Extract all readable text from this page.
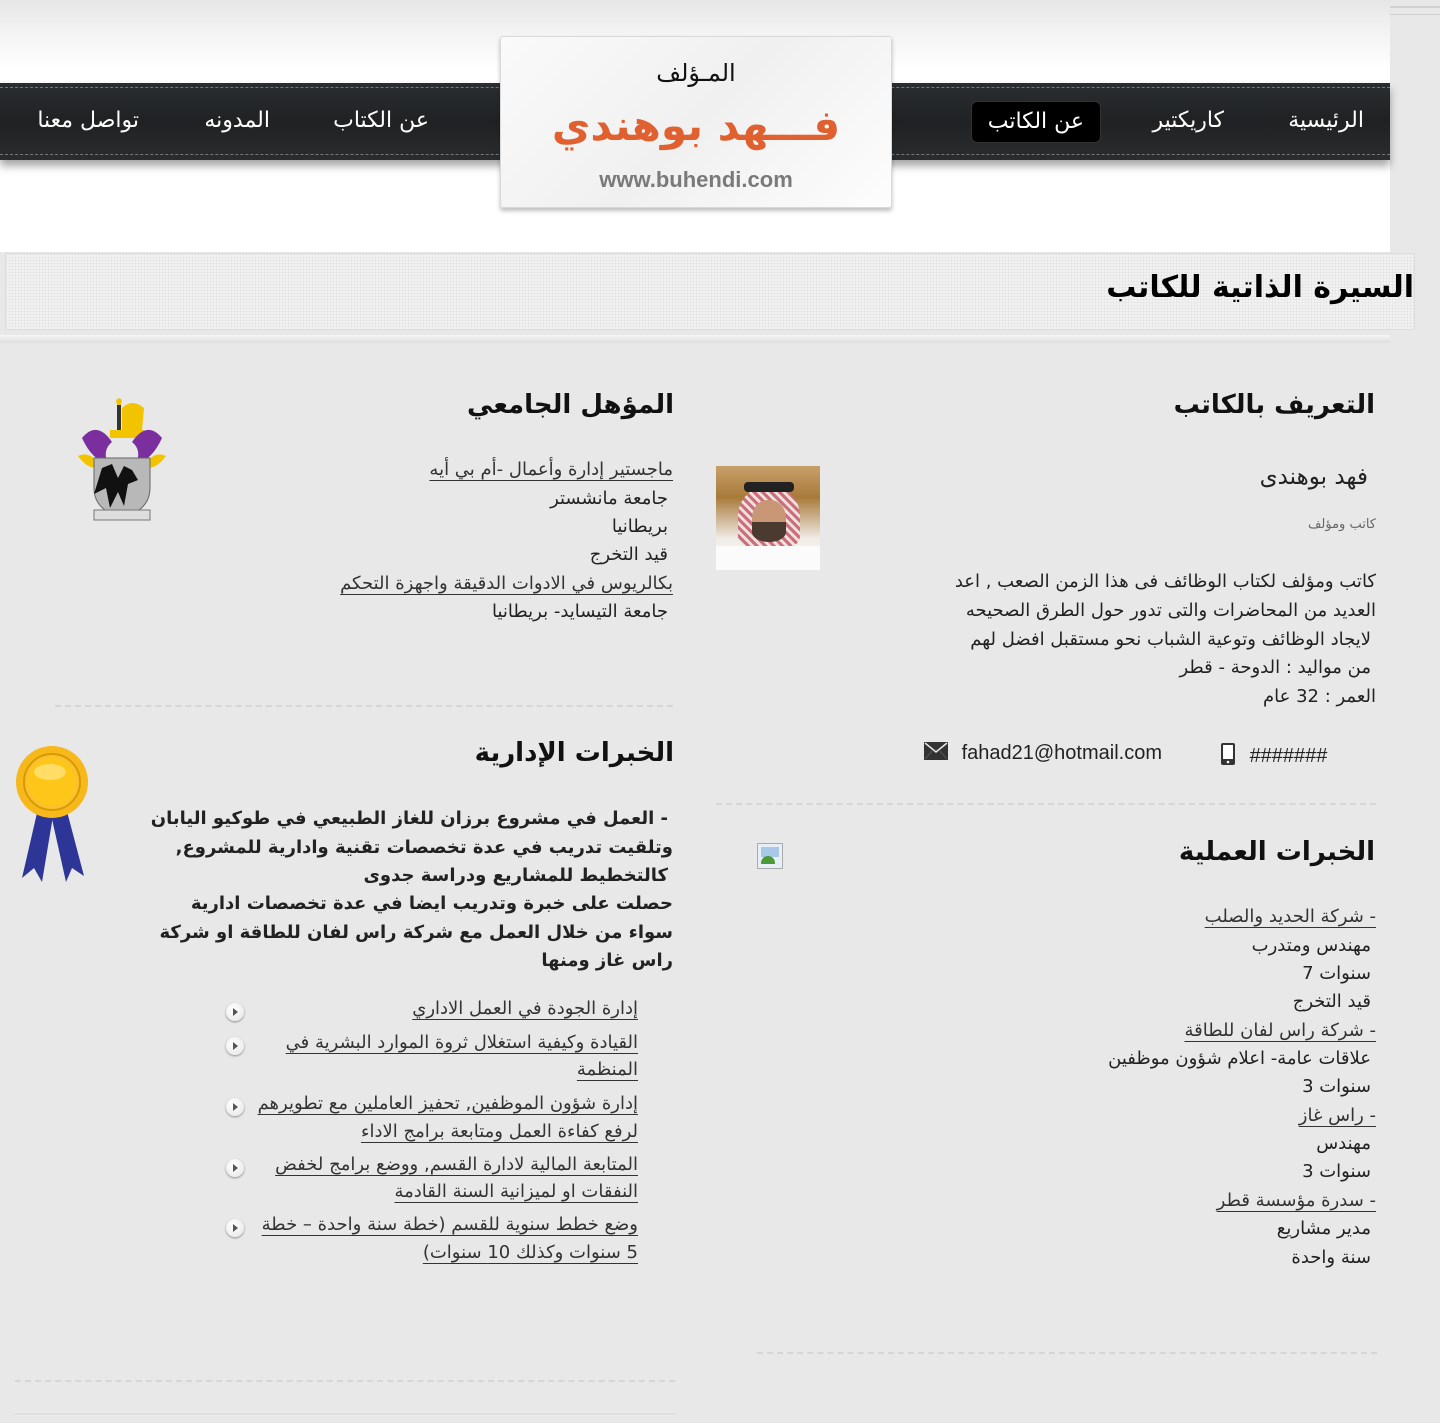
الرئيسية
كاريكتير
عن الكاتب
عن الكتاب
المدونه
تواصل معنا
المـؤلف
فـــهد بوهندي
www.buhendi.com
السيرة الذاتية للكاتب
التعريف بالكاتب
فهد بوهندى
كاتب ومؤلف
كاتب ومؤلف لكتاب الوظائف فى هذا الزمن الصعب , اعد
العديد من المحاضرات والتى تدور حول الطرق الصحيحه
لايجاد الوظائف وتوعية الشباب نحو مستقبل افضل لهم
من مواليد : الدوحة - قطر
العمر : 32 عام
#######
fahad21@hotmail.com
الخبرات العملية
- شركة الحديد والصلب
مهندس ومتدرب
سنوات 7
قيد التخرج
- شركة راس لفان للطاقة
علاقات عامة- اعلام شؤون موظفين
سنوات 3
- راس غاز
مهندس
سنوات 3
- سدرة مؤسسة قطر
مدير مشاريع
سنة واحدة
المؤهل الجامعي
ماجستير إدارة وأعمال -أم بي أيه
جامعة مانشستر
بريطانيا
قيد التخرج
بكالريوس في الادوات الدقيقة واجهزة التحكم
جامعة التيسايد- بريطانيا
الخبرات الإدارية
- العمل في مشروع برزان للغاز الطبيعي في طوكيو اليابان
وتلقيت تدريب في عدة تخصصات تقنية وادارية للمشروع,
كالتخطيط للمشاريع ودراسة جدوى
حصلت على خبرة وتدريب ايضا في عدة تخصصات ادارية
سواء من خلال العمل مع شركة راس لفان للطاقة او شركة
راس غاز ومنها
إدارة الجودة في العمل الاداري
القيادة وكيفية استغلال ثروة الموارد البشرية في
المنظمة
إدارة شؤون الموظفين, تحفيز العاملين مع تطويرهم
لرفع كفاءة العمل ومتابعة برامج الاداء
المتابعة المالية لادارة القسم, ووضع برامج لخفض
النفقات او لميزانية السنة القادمة
وضع خطط سنوية للقسم (خطة سنة واحدة – خطة
5 سنوات وكذلك 10 سنوات)
